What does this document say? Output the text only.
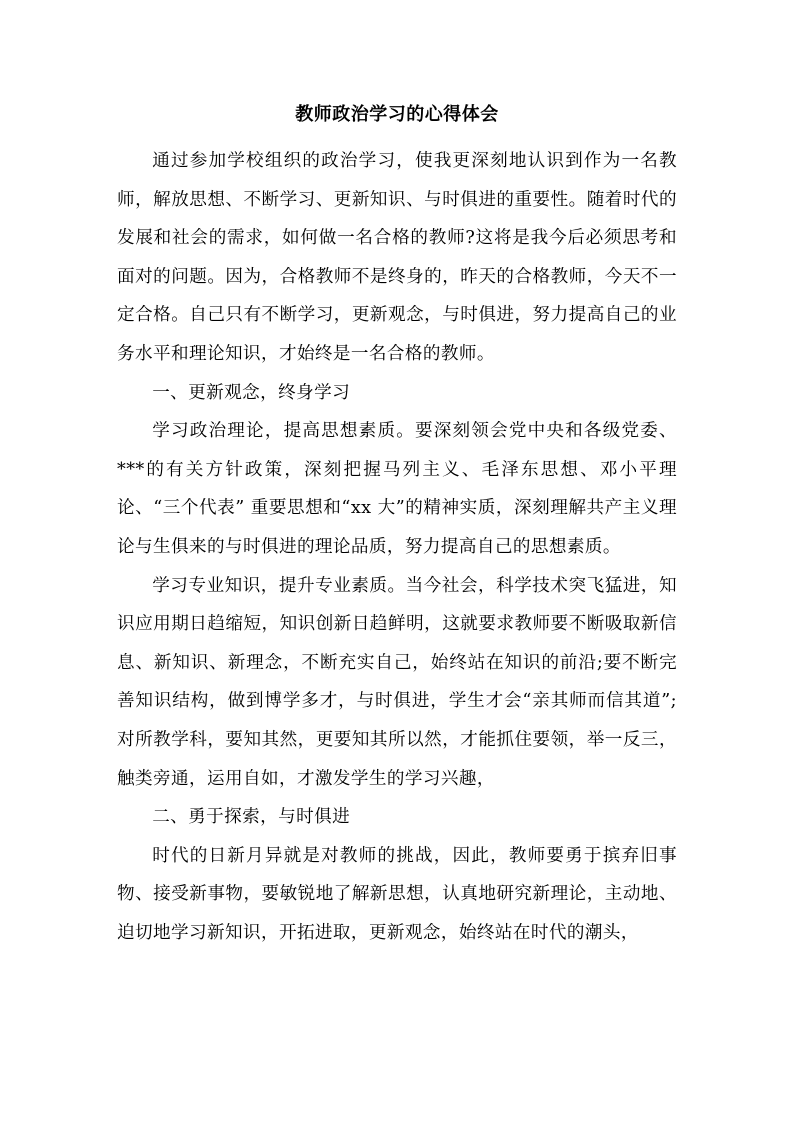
教师政治学习的心得体会

通过参加学校组织的政治学习，使我更深刻地认识到作为一名教师，解放思想、不断学习、更新知识、与时俱进的重要性。随着时代的发展和社会的需求，如何做一名合格的教师?这将是我今后必须思考和面对的问题。因为，合格教师不是终身的，昨天的合格教师，今天不一定合格。自己只有不断学习，更新观念，与时俱进，努力提高自己的业务水平和理论知识，才始终是一名合格的教师。

一、更新观念，终身学习

学习政治理论，提高思想素质。要深刻领会党中央和各级党委、***的有关方针政策，深刻把握马列主义、毛泽东思想、邓小平理论、“三个代表” 重要思想和“xx 大”的精神实质，深刻理解共产主义理论与生俱来的与时俱进的理论品质，努力提高自己的思想素质。

学习专业知识，提升专业素质。当今社会，科学技术突飞猛进，知识应用期日趋缩短，知识创新日趋鲜明，这就要求教师要不断吸取新信息、新知识、新理念，不断充实自己，始终站在知识的前沿;要不断完善知识结构，做到博学多才，与时俱进，学生才会“亲其师而信其道”;对所教学科，要知其然，更要知其所以然，才能抓住要领，举一反三，触类旁通，运用自如，才激发学生的学习兴趣，

二、勇于探索，与时俱进

时代的日新月异就是对教师的挑战，因此，教师要勇于摈弃旧事物、接受新事物，要敏锐地了解新思想，认真地研究新理论，主动地、迫切地学习新知识，开拓进取，更新观念，始终站在时代的潮头，
